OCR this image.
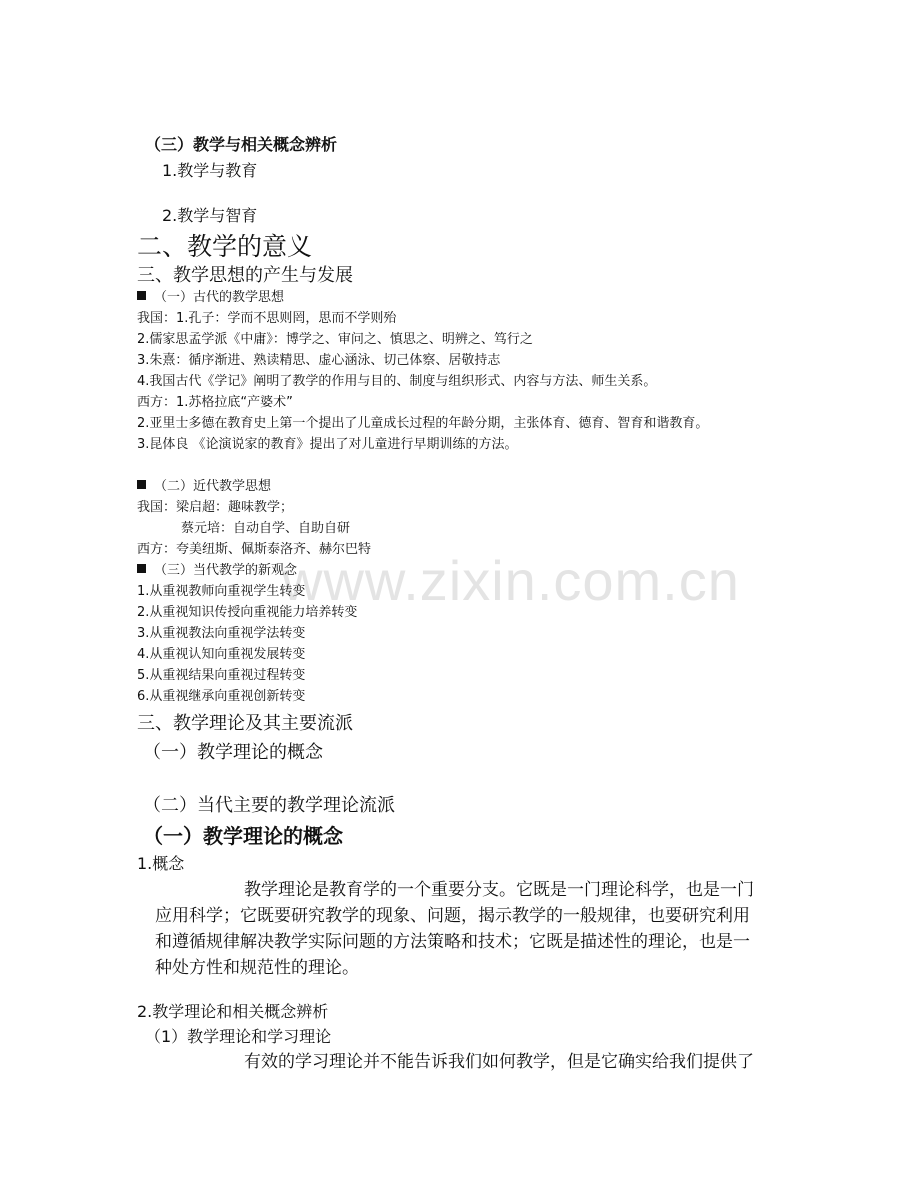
www.zixin.com.cn
（三）教学与相关概念辨析
1.教学与教育
2.教学与智育
二、教学的意义
三、教学思想的产生与发展
（一）古代的教学思想
我国：1.孔子：学而不思则罔，思而不学则殆
2.儒家思孟学派《中庸》：博学之、审问之、慎思之、明辨之、笃行之
3.朱熹：循序渐进、熟读精思、虚心涵泳、切己体察、居敬持志
4.我国古代《学记》阐明了教学的作用与目的、制度与组织形式、内容与方法、师生关系。
西方：1.苏格拉底“产婆术”
2.亚里士多德在教育史上第一个提出了儿童成长过程的年龄分期，主张体育、德育、智育和谐教育。
3.昆体良 《论演说家的教育》提出了对儿童进行早期训练的方法。
（二）近代教学思想
我国：梁启超：趣味教学；
蔡元培：自动自学、自助自研
西方：夸美纽斯、佩斯泰洛齐、赫尔巴特
（三）当代教学的新观念
1.从重视教师向重视学生转变
2.从重视知识传授向重视能力培养转变
3.从重视教法向重视学法转变
4.从重视认知向重视发展转变
5.从重视结果向重视过程转变
6.从重视继承向重视创新转变
三、教学理论及其主要流派
（一）教学理论的概念
（二）当代主要的教学理论流派
（一）教学理论的概念
1.概念
教学理论是教育学的一个重要分支。它既是一门理论科学，也是一门
应用科学；它既要研究教学的现象、问题，揭示教学的一般规律，也要研究利用
和遵循规律解决教学实际问题的方法策略和技术；它既是描述性的理论，也是一
种处方性和规范性的理论。
2.教学理论和相关概念辨析
（1）教学理论和学习理论
有效的学习理论并不能告诉我们如何教学，但是它确实给我们提供了
